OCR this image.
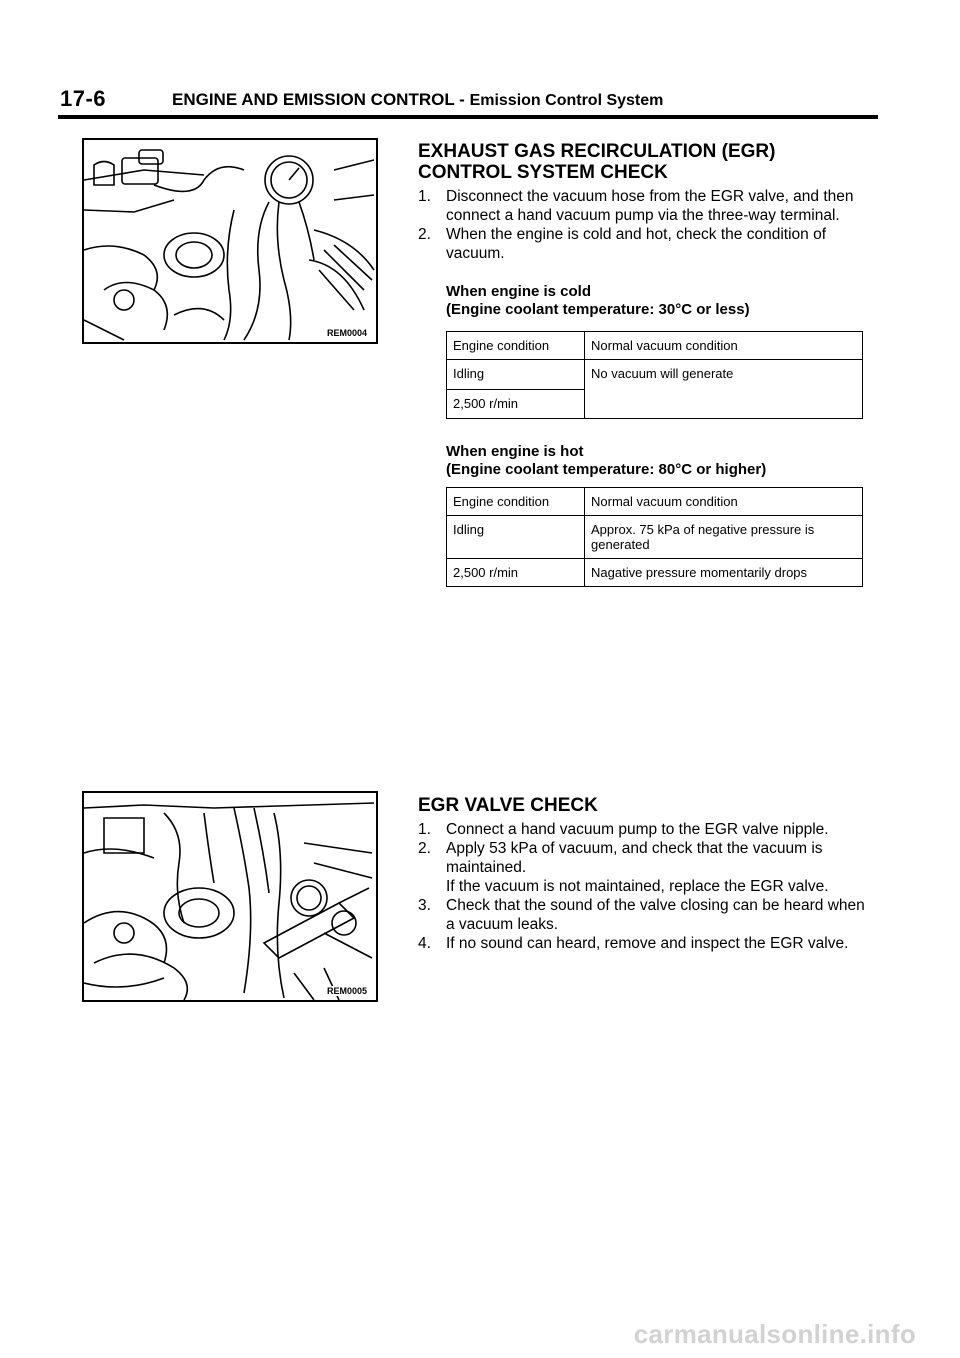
17-6	ENGINE AND EMISSION CONTROL - Emission Control System
REM0004
EXHAUST GAS RECIRCULATION (EGR)
CONTROL SYSTEM CHECK
1. Disconnect the vacuum hose from the EGR valve, and then connect a hand vacuum pump via the three-way terminal.
2. When the engine is cold and hot, check the condition of vacuum.
When engine is cold
(Engine coolant temperature: 30°C or less)
Engine condition	Normal vacuum condition
Idling	No vacuum will generate
2,500 r/min	
When engine is hot
(Engine coolant temperature: 80°C or higher)
Engine condition	Normal vacuum condition
Idling	Approx. 75 kPa of negative pressure is generated
2,500 r/min	Nagative pressure momentarily drops
REM0005
EGR VALVE CHECK
1. Connect a hand vacuum pump to the EGR valve nipple.
2. Apply 53 kPa of vacuum, and check that the vacuum is maintained.
If the vacuum is not maintained, replace the EGR valve.
3. Check that the sound of the valve closing can be heard when a vacuum leaks.
4. If no sound can heard, remove and inspect the EGR valve.
carmanualsonline.info
